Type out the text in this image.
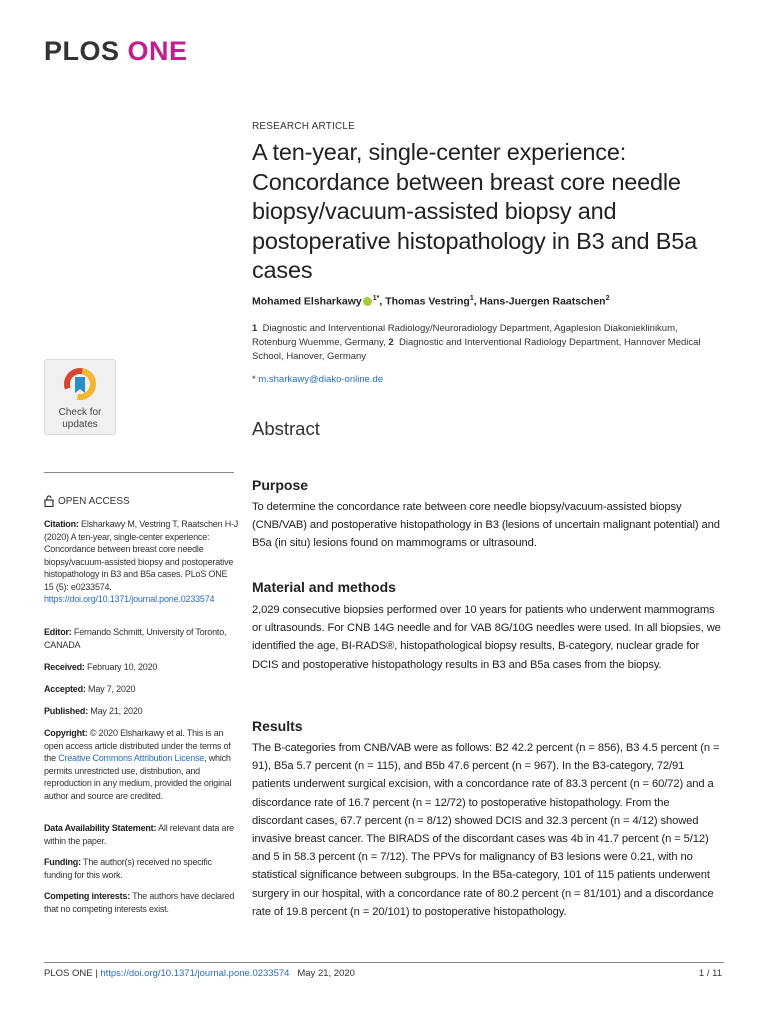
PLOS ONE
Check for
updates
OPEN ACCESS
Citation: Elsharkawy M, Vestring T, Raatschen H-J (2020) A ten-year, single-center experience: Concordance between breast core needle biopsy/vacuum-assisted biopsy and postoperative histopathology in B3 and B5a cases. PLoS ONE 15 (5): e0233574. https://doi.org/10.1371/journal.pone.0233574
Editor: Fernando Schmitt, University of Toronto, CANADA
Received: February 10, 2020
Accepted: May 7, 2020
Published: May 21, 2020
Copyright: © 2020 Elsharkawy et al. This is an open access article distributed under the terms of the Creative Commons Attribution License, which permits unrestricted use, distribution, and reproduction in any medium, provided the original author and source are credited.
Data Availability Statement: All relevant data are within the paper.
Funding: The author(s) received no specific funding for this work.
Competing interests: The authors have declared that no competing interests exist.
RESEARCH ARTICLE
A ten-year, single-center experience: Concordance between breast core needle biopsy/vacuum-assisted biopsy and postoperative histopathology in B3 and B5a cases
Mohamed Elsharkawy $^{1*}$, Thomas Vestring$^1$, Hans-Juergen Raatschen$^2$
1 Diagnostic and Interventional Radiology/Neuroradiology Department, Agaplesion Diakonieklinikum, Rotenburg Wuemme, Germany, 2 Diagnostic and Interventional Radiology Department, Hannover Medical School, Hanover, Germany
* m.sharkawy@diako-online.de
Abstract
Purpose
To determine the concordance rate between core needle biopsy/vacuum-assisted biopsy (CNB/VAB) and postoperative histopathology in B3 (lesions of uncertain malignant potential) and B5a (in situ) lesions found on mammograms or ultrasound.
Material and methods
2,029 consecutive biopsies performed over 10 years for patients who underwent mammograms or ultrasounds. For CNB 14G needle and for VAB 8G/10G needles were used. In all biopsies, we identified the age, BI-RADS®, histopathological biopsy results, B-category, nuclear grade for DCIS and postoperative histopathology results in B3 and B5a cases from the biopsy.
Results
The B-categories from CNB/VAB were as follows: B2 42.2 percent (n = 856), B3 4.5 percent (n = 91), B5a 5.7 percent (n = 115), and B5b 47.6 percent (n = 967). In the B3-category, 72/91 patients underwent surgical excision, with a concordance rate of 83.3 percent (n = 60/72) and a discordance rate of 16.7 percent (n = 12/72) to postoperative histopathology. From the discordant cases, 67.7 percent (n = 8/12) showed DCIS and 32.3 percent (n = 4/12) showed invasive breast cancer. The BIRADS of the discordant cases was 4b in 41.7 percent (n = 5/12) and 5 in 58.3 percent (n = 7/12). The PPVs for malignancy of B3 lesions were 0.21, with no statistical significance between subgroups. In the B5a-category, 101 of 115 patients underwent surgery in our hospital, with a concordance rate of 80.2 percent (n = 81/101) and a discordance rate of 19.8 percent (n = 20/101) to postoperative histopathology.
PLOS ONE | https://doi.org/10.1371/journal.pone.0233574 May 21, 2020	1 / 11
